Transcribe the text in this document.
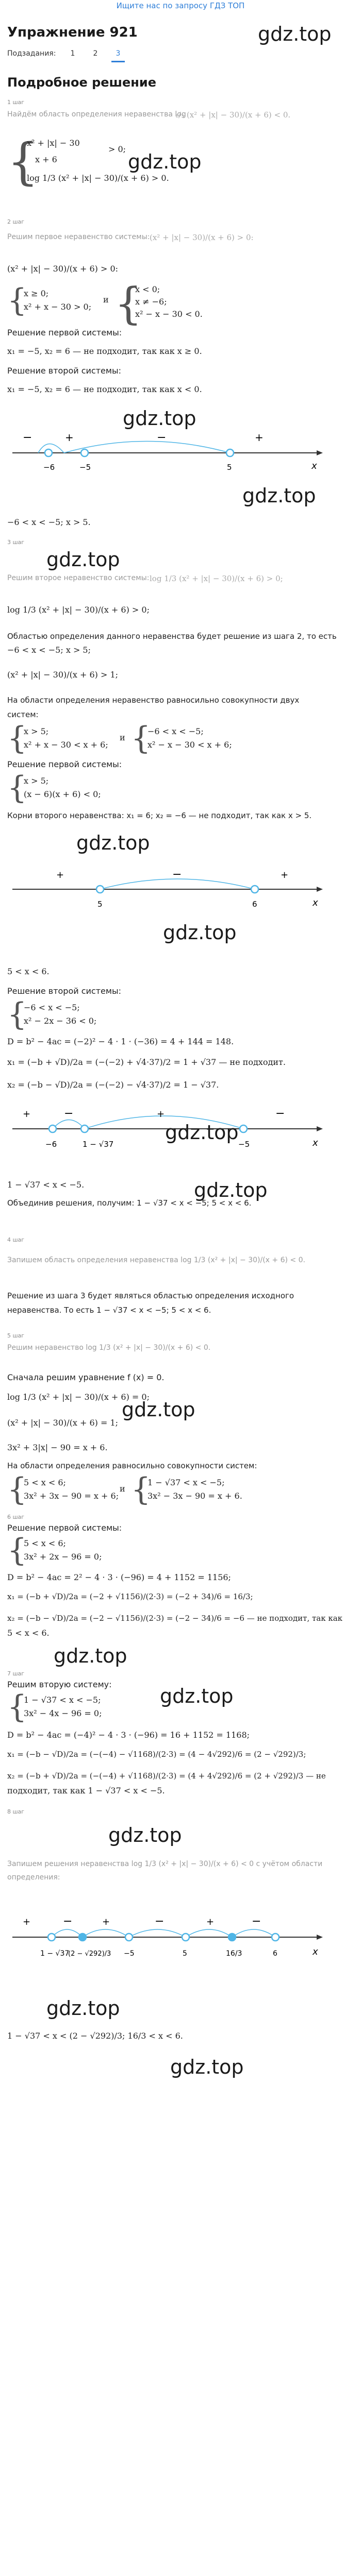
Ищите нас по запросу ГДЗ ТОП
Упражнение 921	gdz.top
Подзадания:	1	2	3
Подробное решение
1 шаг
Найдём область определения неравенства log
₁/₃ (x² + |x| − 30)/(x + 6) < 0.
{
x² + |x| − 30
> 0;
x + 6
log 1/3 (x² + |x| − 30)/(x + 6) > 0.
gdz.top
2 шаг
Решим первое неравенство системы: (x² + |x| − 30)/(x + 6) > 0:
(x² + |x| − 30)/(x + 6) > 0:
{
x ≥ 0;
x² + x − 30 > 0;
и {
x < 0;
x ≠ −6;
x² − x − 30 < 0.
Решение первой системы:
x₁ = −5, x₂ = 6 — не подходит, так как x ≥ 0.
Решение второй системы:
x₁ = −5, x₂ = 6 — не подходит, так как x < 0.
gdz.top
−	+	−	+
−6	−5	5	x
gdz.top
−6 < x < −5; x > 5.
3 шаг
gdz.top
Решим второе неравенство системы: log 1/3 (x² + |x| − 30)/(x + 6) > 0;
log 1/3 (x² + |x| − 30)/(x + 6) > 0;
Областью определения данного неравенства будет решение из шага 2, то есть
−6 < x < −5; x > 5;
(x² + |x| − 30)/(x + 6) > 1;
На области определения неравенство равносильно совокупности двух
систем:
{
x > 5;
x² + x − 30 < x + 6;
и {
−6 < x < −5;
x² − x − 30 < x + 6;
Решение первой системы:
{
x > 5;
(x − 6)(x + 6) < 0;
Корни второго неравенства: x₁ = 6; x₂ = −6 — не подходит, так как x > 5.
gdz.top
+	−	+
5	6	x
gdz.top
5 < x < 6.
Решение второй системы:
{
−6 < x < −5;
x² − 2x − 36 < 0;
D = b² − 4ac = (−2)² − 4 · 1 · (−36) = 4 + 144 = 148.
x₁ = (−b + √D)/2a = (−(−2) + √4·37)/2 = 1 + √37 — не подходит.
x₂ = (−b − √D)/2a = (−(−2) − √4·37)/2 = 1 − √37.
+	−	+	−
−6	1 − √37	−5	x
gdz.top
1 − √37 < x < −5.
Объединив решения, получим: 1 − √37 < x < −5; 5 < x < 6.
gdz.top
4 шаг
Запишем область определения неравенства log 1/3 (x² + |x| − 30)/(x + 6) < 0.
Решение из шага 3 будет являться областью определения исходного
неравенства. То есть 1 − √37 < x < −5; 5 < x < 6.
5 шаг
Решим неравенство log 1/3 (x² + |x| − 30)/(x + 6) < 0.
Сначала решим уравнение f (x) = 0.
log 1/3 (x² + |x| − 30)/(x + 6) = 0;
(x² + |x| − 30)/(x + 6) = 1;
3x² + 3|x| − 90 = x + 6.
gdz.top
На области определения равносильно совокупности систем:
{
5 < x < 6;
3x² + 3x − 90 = x + 6;
и {
1 − √37 < x < −5;
3x² − 3x − 90 = x + 6.
6 шаг
Решение первой системы:
{
5 < x < 6;
3x² + 2x − 96 = 0;
D = b² − 4ac = 2² − 4 · 3 · (−96) = 4 + 1152 = 1156;
x₁ = (−b + √D)/2a = (−2 + √1156)/(2·3) = (−2 + 34)/6 = 16/3;
x₂ = (−b − √D)/2a = (−2 − √1156)/(2·3) = (−2 − 34)/6 = −6 — не подходит, так как
5 < x < 6.
gdz.top
7 шаг
Решим вторую систему:
{
1 − √37 < x < −5;
3x² − 4x − 96 = 0;
gdz.top
D = b² − 4ac = (−4)² − 4 · 3 · (−96) = 16 + 1152 = 1168;
x₁ = (−b − √D)/2a = (−(−4) − √1168)/(2·3) = (4 − 4√292)/6 = (2 − √292)/3;
x₂ = (−b + √D)/2a = (−(−4) + √1168)/(2·3) = (4 + 4√292)/6 = (2 + √292)/3 — не
подходит, так как 1 − √37 < x < −5.
8 шаг
gdz.top
Запишем решения неравенства log 1/3 (x² + |x| − 30)/(x + 6) < 0 с учётом области
определения:
+	−	+	−	+	−
1 − √37
(2 − √292)/3 −5	5	16/3	6	x
gdz.top
1 − √37 < x < (2 − √292)/3; 16/3 < x < 6.
gdz.top
